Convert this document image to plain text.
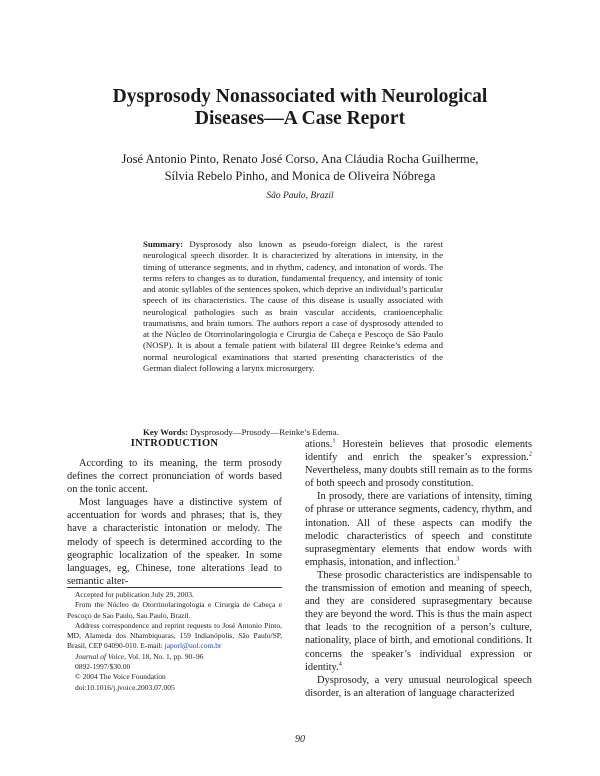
Dysprosody Nonassociated with Neurological
Diseases—A Case Report
José Antonio Pinto, Renato José Corso, Ana Cláudia Rocha Guilherme,
Sílvia Rebelo Pinho, and Monica de Oliveira Nóbrega
São Paulo, Brazil
Summary: Dysprosody also known as pseudo-foreign dialect, is the rarest neurological speech disorder. It is characterized by alterations in intensity, in the timing of utterance segments, and in rhythm, cadency, and intonation of words. The terms refers to changes as to duration, fundamental frequency, and intensity of tonic and atonic syllables of the sentences spoken, which deprive an individual’s particular speech of its characteristics. The cause of this disease is usually associated with neurological pathologies such as brain vascular accidents, cranioencephalic traumatisms, and brain tumors. The authors report a case of dysprosody attended to at the Núcleo de Otorrinolaringologia e Cirurgia de Cabeça e Pescoço de São Paulo (NOSP). It is about a female patient with bilateral III degree Reinke’s edema and normal neurological examinations that started presenting characteristics of the German dialect following a larynx microsurgery.
Key Words: Dysprosody—Prosody—Reinke’s Edema.
INTRODUCTION

According to its meaning, the term prosody defines the correct pronunciation of words based on the tonic accent.

Most languages have a distinctive system of accentuation for words and phrases; that is, they have a characteristic intonation or melody. The melody of speech is determined according to the geographic localization of the speaker. In some languages, eg, Chinese, tone alterations lead to semantic alter-

Accepted for publication July 29, 2003.

From the Núcleo de Otorrinolaringologia e Cirurgia de Cabeça e Pescoço de Sao Paulo, Sau Paulo, Brazil.

Address correspondence and reprint requests to José Antonio Pinto, MD, Alameda dos Nhambiquaras, 159 Indianópolis, São Paulo/SP, Brasil, CEP 04090-010. E-mail: japorl@uol.com.br

Journal of Voice, Vol. 18, No. 1, pp. 90–96

0892-1997/$30.00

© 2004 The Voice Foundation

doi:10.1016/j.jvoice.2003.07.005

ations.$^1$ Horestein believes that prosodic elements identify and enrich the speaker’s expression.$^2$ Nevertheless, many doubts still remain as to the forms of both speech and prosody constitution.

In prosody, there are variations of intensity, timing of phrase or utterance segments, cadency, rhythm, and intonation. All of these aspects can modify the melodic characteristics of speech and constitute suprasegmentary elements that endow words with emphasis, intonation, and inflection.$^3$

These prosodic characteristics are indispensable to the transmission of emotion and meaning of speech, and they are considered suprasegmentary because they are beyond the word. This is thus the main aspect that leads to the recognition of a person’s culture, nationality, place of birth, and emotional conditions. It concerns the speaker’s individual expression or identity.$^4$

Dysprosody, a very unusual neurological speech disorder, is an alteration of language characterized

90
